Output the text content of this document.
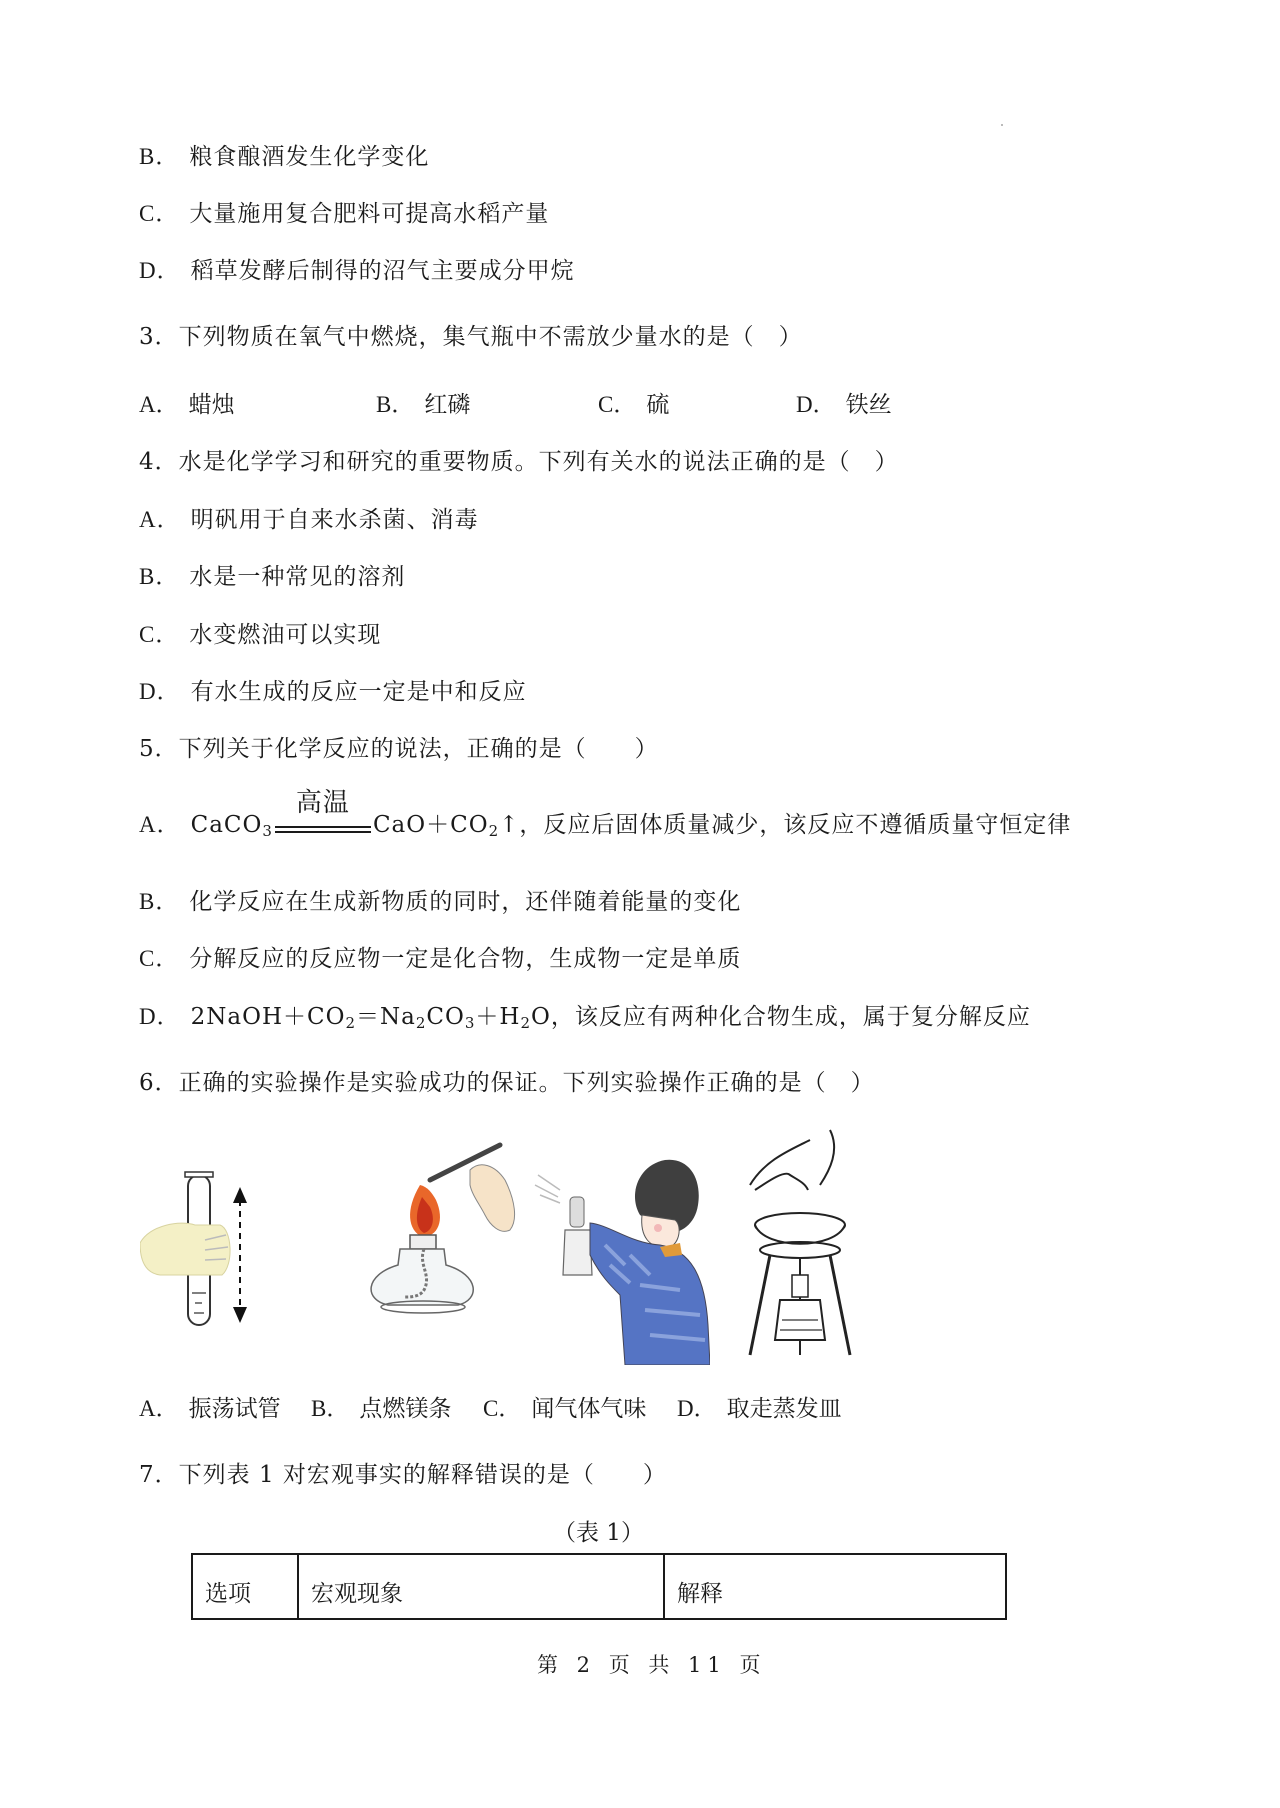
B． 粮食酿酒发生化学变化
C． 大量施用复合肥料可提高水稻产量
D． 稻草发酵后制得的沼气主要成分甲烷
3．下列物质在氧气中燃烧，集气瓶中不需放少量水的是（　）
A． 蜡烛	B． 红磷	C． 硫	D． 铁丝
4．水是化学学习和研究的重要物质。下列有关水的说法正确的是（　）
A． 明矾用于自来水杀菌、消毒
B． 水是一种常见的溶剂
C． 水变燃油可以实现
D． 有水生成的反应一定是中和反应
5．下列关于化学反应的说法，正确的是（　　）
A． CaCO$_3$
高温
$CaO+CO_2↑$，反应后固体质量减少，该反应不遵循质量守恒定律
B． 化学反应在生成新物质的同时，还伴随着能量的变化
C． 分解反应的反应物一定是化合物，生成物一定是单质
D． $2NaOH+CO_2=Na_2CO_3+H_2O$，该反应有两种化合物生成，属于复分解反应
6．正确的实验操作是实验成功的保证。下列实验操作正确的是（　）
A． 振荡试管 B． 点燃镁条 C． 闻气体气味 D． 取走蒸发皿
7．下列表 1 对宏观事实的解释错误的是（　　）
（表 1）
选项	宏观现象	解释
第 2 页 共 11 页
